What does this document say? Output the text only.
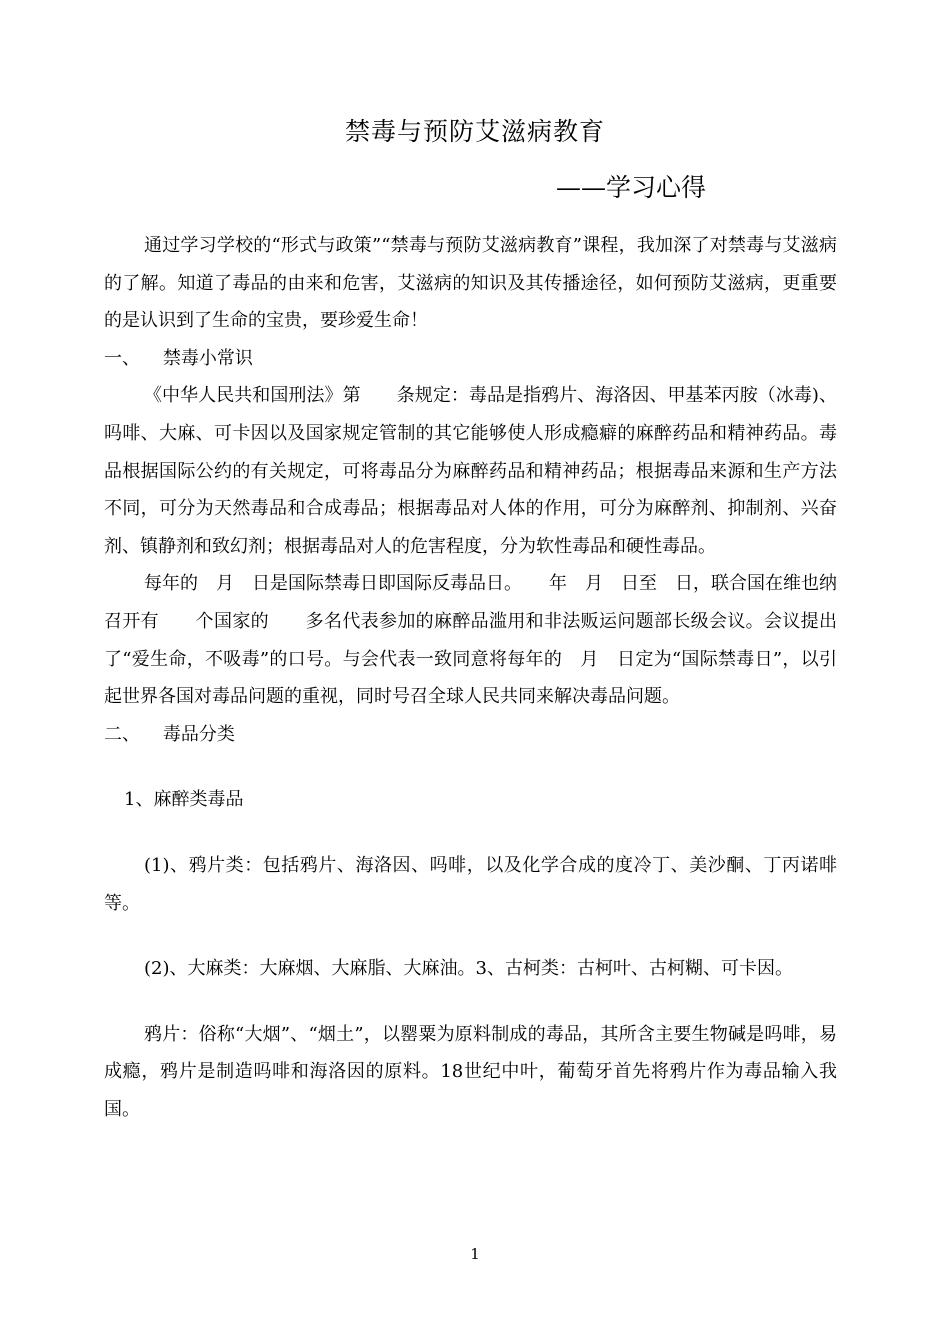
禁毒与预防艾滋病教育
——学习心得

通过学习学校的“形式与政策”“禁毒与预防艾滋病教育”课程，我加深了对禁毒与艾滋病的了解。知道了毒品的由来和危害，艾滋病的知识及其传播途径，如何预防艾滋病，更重要的是认识到了生命的宝贵，要珍爱生命！

一、    禁毒小常识

《中华人民共和国刑法》第　　条规定：毒品是指鸦片、海洛因、甲基苯丙胺（冰毒)、吗啡、大麻、可卡因以及国家规定管制的其它能够使人形成瘾癖的麻醉药品和精神药品。毒品根据国际公约的有关规定，可将毒品分为麻醉药品和精神药品；根据毒品来源和生产方法不同，可分为天然毒品和合成毒品；根据毒品对人体的作用，可分为麻醉剂、抑制剂、兴奋剂、镇静剂和致幻剂；根据毒品对人的危害程度，分为软性毒品和硬性毒品。

每年的　月　日是国际禁毒日即国际反毒品日。　　年　月　日至　日，联合国在维也纳召开有　　个国家的　　多名代表参加的麻醉品滥用和非法贩运问题部长级会议。会议提出了“爱生命，不吸毒”的口号。与会代表一致同意将每年的　月　日定为“国际禁毒日”，以引起世界各国对毒品问题的重视，同时号召全球人民共同来解决毒品问题。

二、    毒品分类

1、麻醉类毒品

(1)、鸦片类：包括鸦片、海洛因、吗啡，以及化学合成的度冷丁、美沙酮、丁丙诺啡等。

(2)、大麻类：大麻烟、大麻脂、大麻油。3、古柯类：古柯叶、古柯糊、可卡因。

鸦片：俗称“大烟”、“烟土”，以罂粟为原料制成的毒品，其所含主要生物碱是吗啡，易成瘾，鸦片是制造吗啡和海洛因的原料。18世纪中叶，葡萄牙首先将鸦片作为毒品输入我国。

1
